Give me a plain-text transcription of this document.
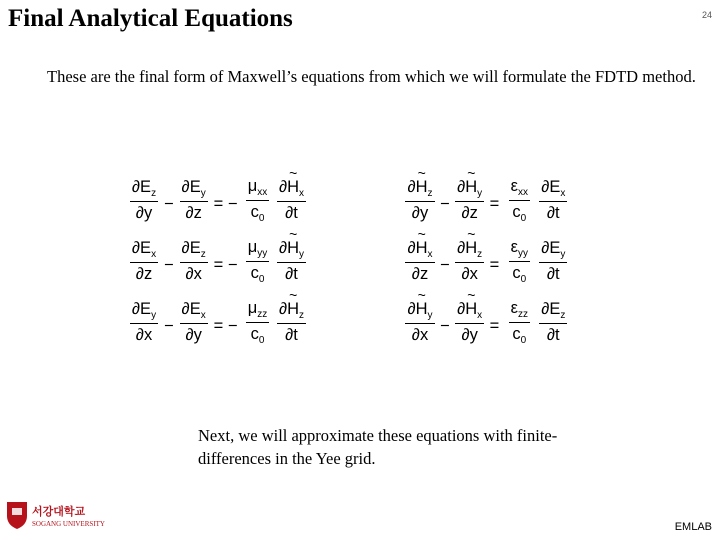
Final Analytical Equations	24
These are the final form of Maxwell’s equations from which we will formulate the FDTD method.
$\frac{\partial E_z}{\partial y} - \frac{\partial E_y}{\partial z}$ = − $\frac{\mu_{xx}}{c_0} \frac{\partial\sim H_x}{\partial t}$
$\frac{\partial E_x}{\partial z} - \frac{\partial E_z}{\partial x}$ = − $\frac{\mu_{yy}}{c_0} \frac{\partial\sim H_y}{\partial t}$
$\frac{\partial E_y}{\partial x} - \frac{\partial E_x}{\partial y}$ = − $\frac{\mu_{zz}}{c_0} \frac{\partial\sim H_z}{\partial t}$
$\frac{\partial\sim H_z}{\partial y} - \frac{\partial\sim H_y}{\partial z} = \frac{\varepsilon_{xx}}{c_0} \frac{\partial E_x}{\partial t}$
$\frac{\partial\sim H_x}{\partial z} - \frac{\partial\sim H_z}{\partial x} = \frac{\varepsilon_{yy}}{c_0} \frac{\partial E_y}{\partial t}$
$\frac{\partial\sim H_y}{\partial x} - \frac{\partial\sim H_x}{\partial y} = \frac{\varepsilon_{zz}}{c_0} \frac{\partial E_z}{\partial t}$
Next, we will approximate these equations with finite‐differences in the Yee grid.
서강대학교
SOGANG UNIVERSITY	EMLAB
